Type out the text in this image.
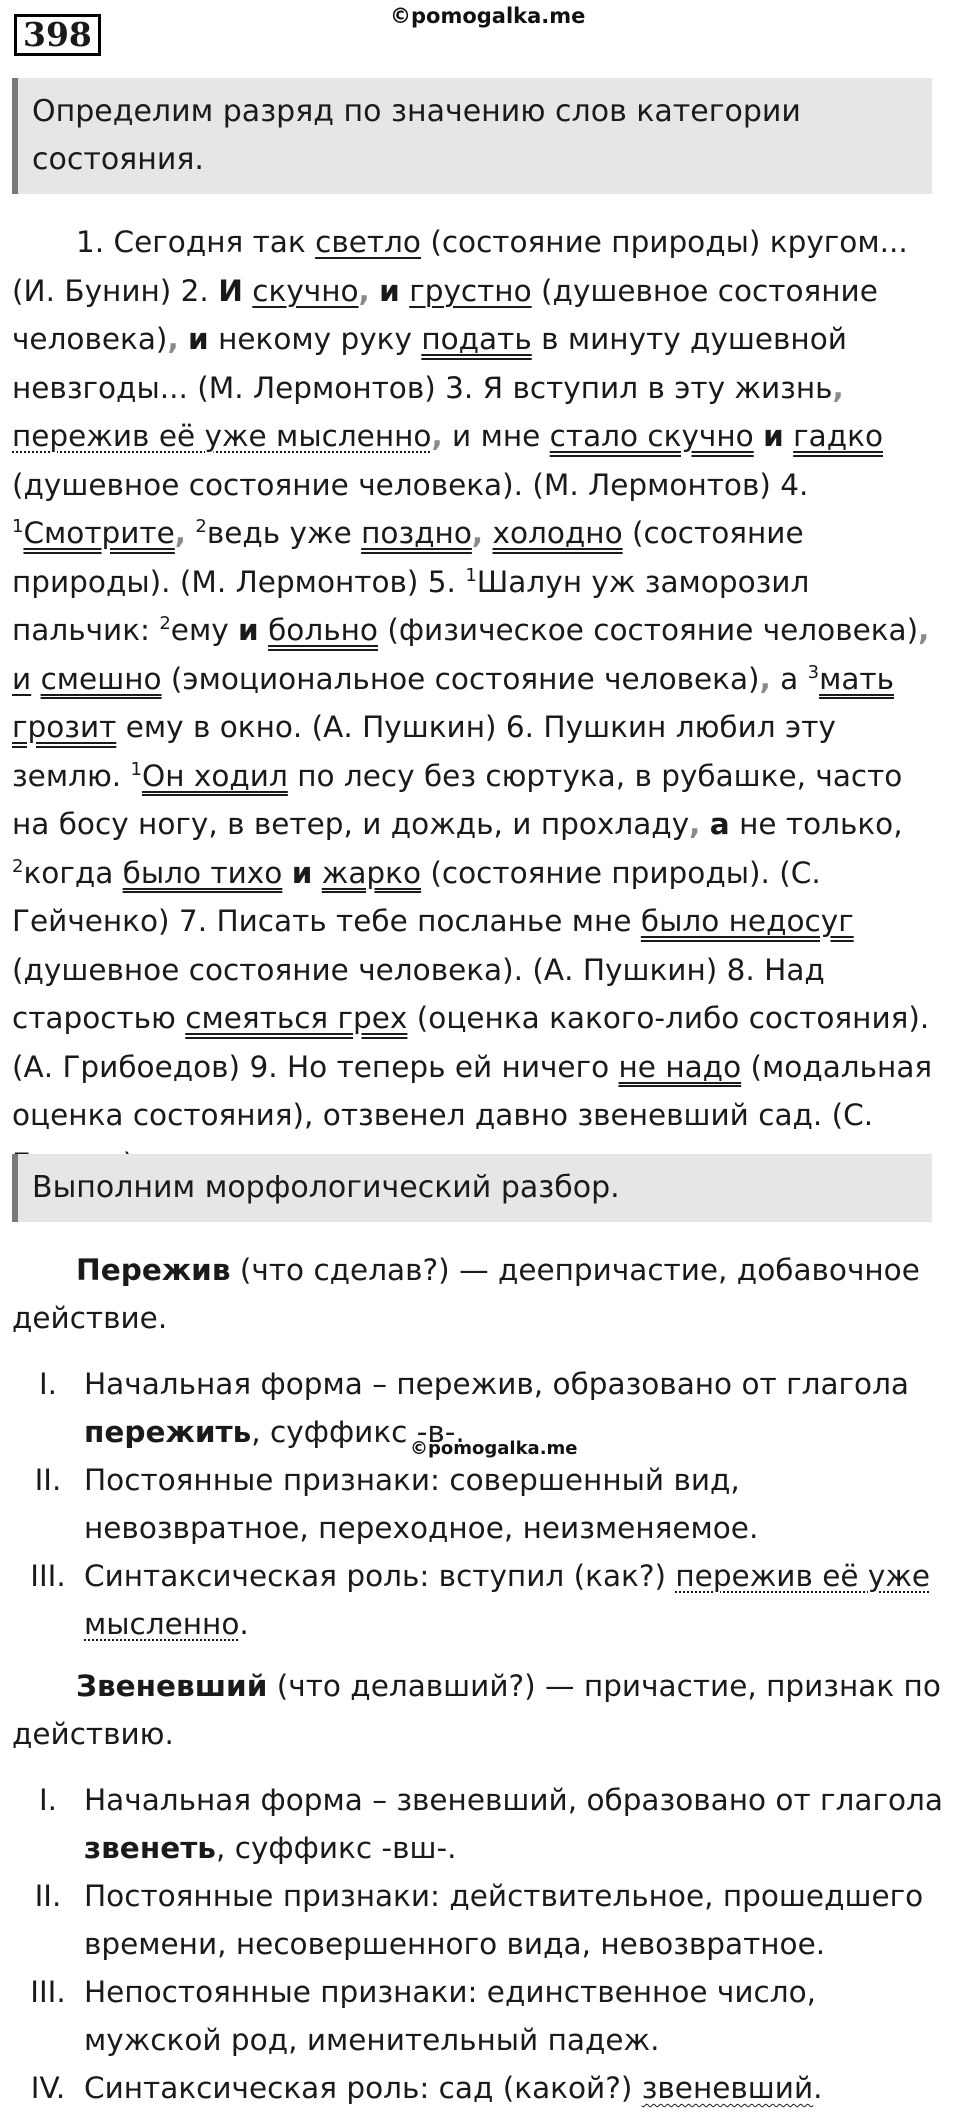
398	©pomogalka.me
Определим разряд по значению слов категории состояния.
1. Сегодня так светло (состояние природы) кругом... (И. Бунин) 2. И скучно, и грустно (душевное состояние человека), и некому руку подать в минуту душевной невзгоды... (М. Лермонтов) 3. Я вступил в эту жизнь, пережив её уже мысленно, и мне стало скучно и гадко (душевное состояние человека). (М. Лермонтов) 4. $^1$Смотрите, $^2$ведь уже поздно, холодно (состояние природы). (М. Лермонтов) 5. $^1$Шалун уж заморозил пальчик: $^2$ему и больно (физическое состояние человека), и смешно (эмоциональное состояние человека), а $^3$мать грозит ему в окно. (А. Пушкин) 6. Пушкин любил эту землю. $^1$Он ходил по лесу без сюртука, в рубашке, часто на босу ногу, в ветер, и дождь, и прохладу, а не только, $^2$когда было тихо и жарко (состояние природы). (С. Гейченко) 7. Писать тебе посланье мне было недосуг (душевное состояние человека). (А. Пушкин) 8. Над старостью смеяться грех (оценка какого-либо состояния). (А. Грибоедов) 9. Но теперь ей ничего не надо (модальная оценка состояния), отзвенел давно звеневший сад. (С.
Выполним морфологический разбор.
Пережив (что сделав?) — деепричастие, добавочное действие.
I. Начальная форма – пережив, образовано от глагола пережить, суффикс -в-.
II. Постоянные признаки: совершенный вид, невозвратное, переходное, неизменяемое.
III. Синтаксическая роль: вступил (как?) пережив её уже мысленно.
©pomogalka.me
Звеневший (что делавший?) — причастие, признак по действию.
I. Начальная форма – звеневший, образовано от глагола звенеть, суффикс -вш-.
II. Постоянные признаки: действительное, прошедшего времени, несовершенного вида, невозвратное.
III. Непостоянные признаки: единственное число, мужской род, именительный падеж.
IV. Синтаксическая роль: сад (какой?) звеневший.
